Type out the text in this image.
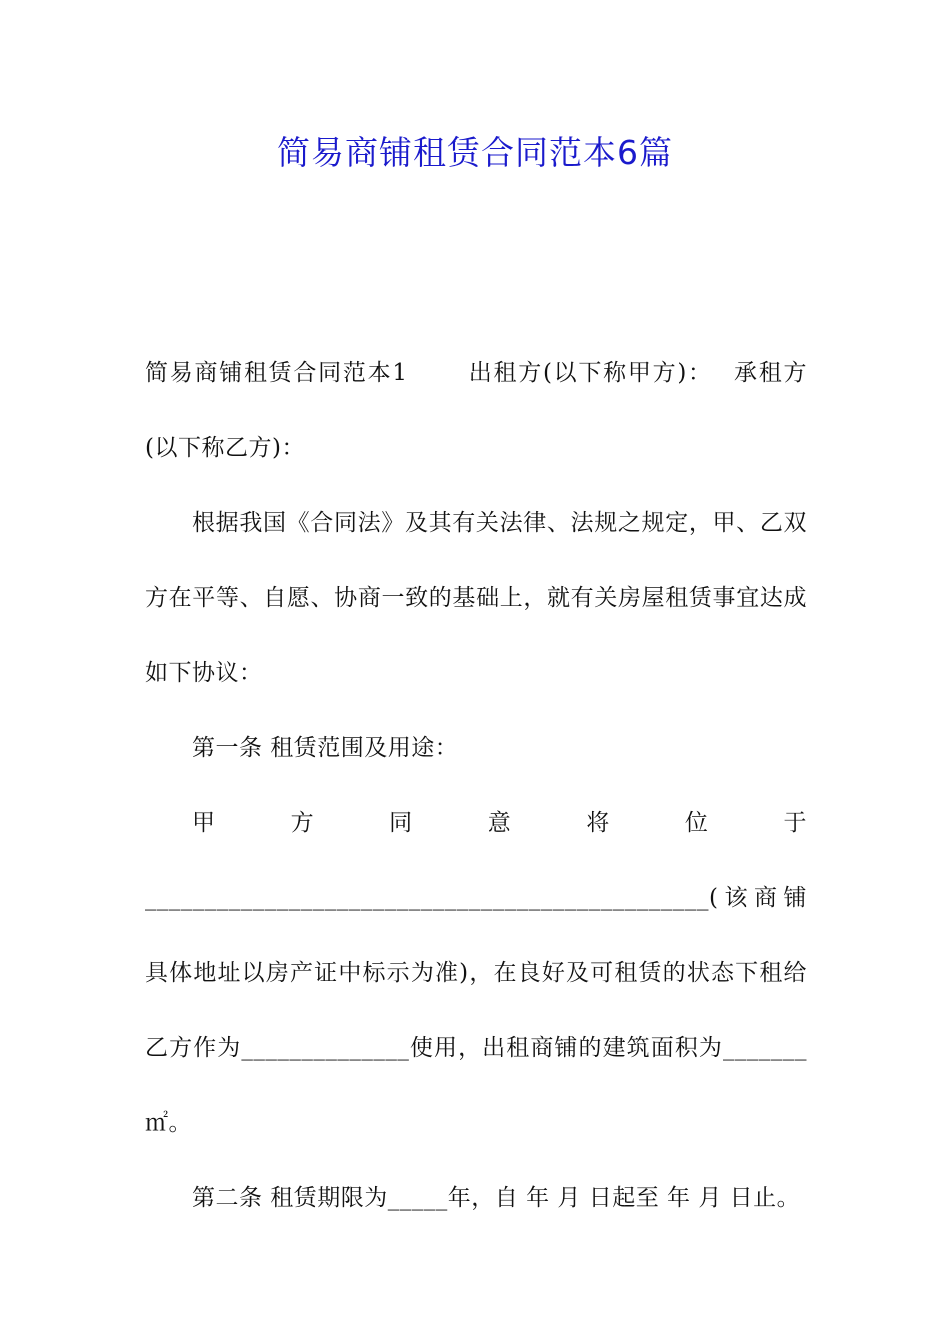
简易商铺租赁合同范本6篇

简易商铺租赁合同范本1	出租方(以下称甲方)： 承租方(以下称乙方)：

根据我国《合同法》及其有关法律、法规之规定，甲、乙双方在平等、自愿、协商一致的基础上，就有关房屋租赁事宜达成如下协议：

第一条 租赁范围及用途：

甲方同意将位于_______________________________________________(该商铺具体地址以房产证中标示为准)，在良好及可租赁的状态下租给乙方作为______________使用，出租商铺的建筑面积为_______㎡。

第二条 租赁期限为_____年，自 年 月 日起至 年 月 日止。
